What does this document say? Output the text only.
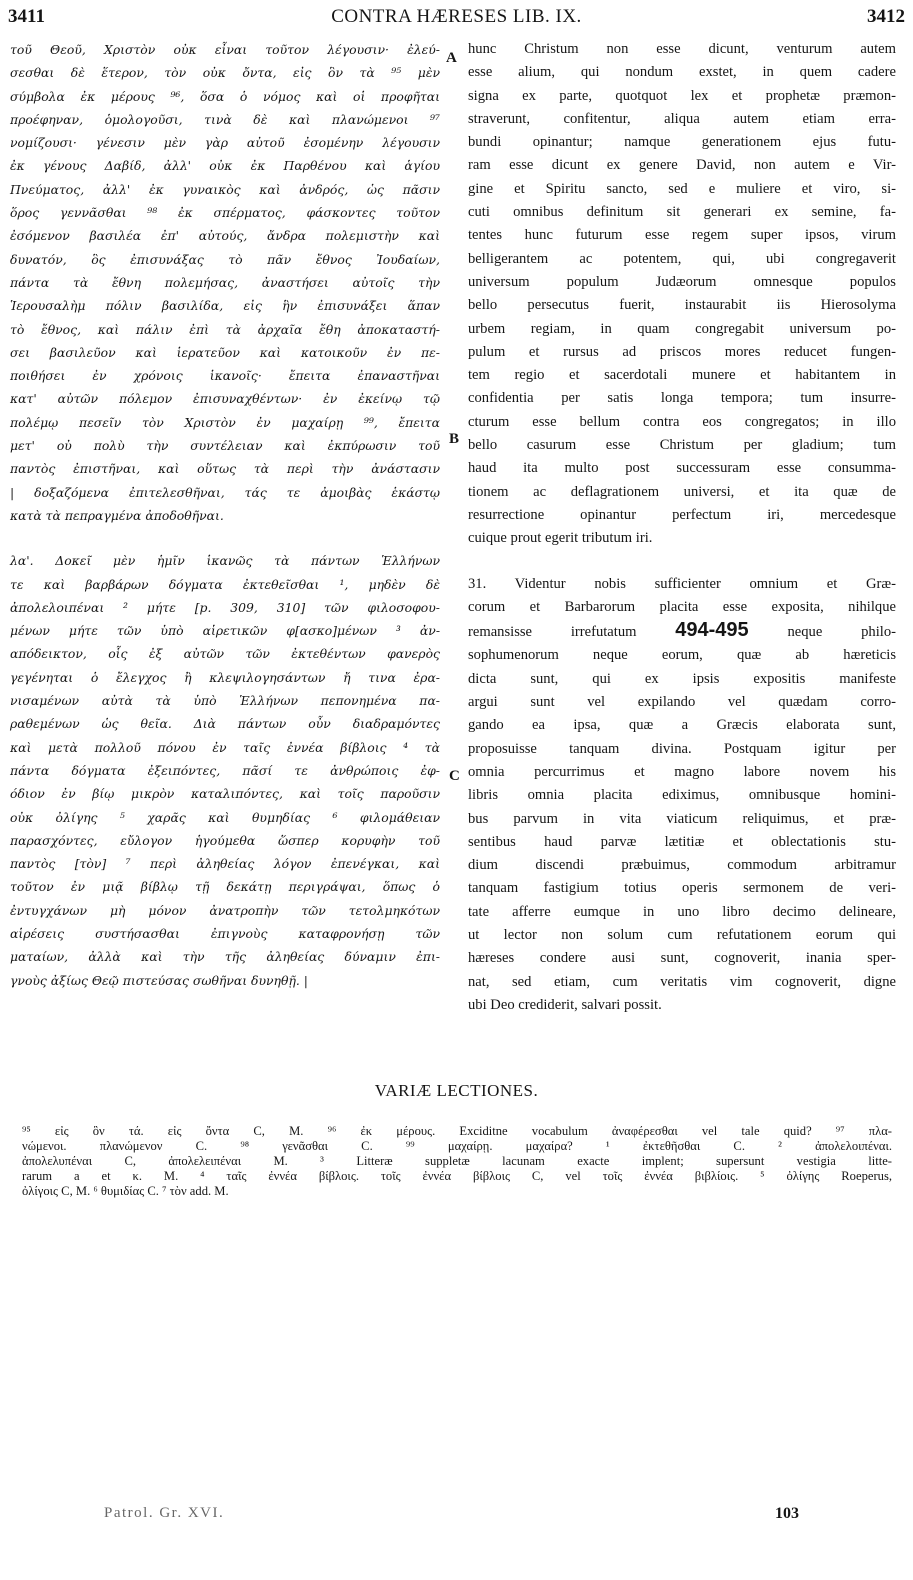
3411	CONTRA HÆRESES LIB. IX.	3412

τοῦ Θεοῦ, Χριστὸν οὐκ εἶναι τοῦτον λέγουσιν· ἐλεύ-

σεσθαι δὲ ἕτερον, τὸν οὐκ ὄντα, εἰς ὃν τὰ ⁹⁵ μὲν

σύμβολα ἐκ μέρους ⁹⁶, ὅσα ὁ νόμος καὶ οἱ προφῆται

προέφηναν, ὁμολογοῦσι, τινὰ δὲ καὶ πλανώμενοι ⁹⁷

νομίζουσι· γένεσιν μὲν γὰρ αὐτοῦ ἐσομένην λέγουσιν

ἐκ γένους Δαβίδ, ἀλλ' οὐκ ἐκ Παρθένου καὶ ἁγίου

Πνεύματος, ἀλλ' ἐκ γυναικὸς καὶ ἀνδρός, ὡς πᾶσιν

ὅρος γεννᾶσθαι ⁹⁸ ἐκ σπέρματος, φάσκοντες τοῦτον

ἐσόμενον βασιλέα ἐπ' αὐτούς, ἄνδρα πολεμιστὴν καὶ

δυνατόν, ὃς ἐπισυνάξας τὸ πᾶν ἔθνος Ἰουδαίων,

πάντα τὰ ἔθνη πολεμήσας, ἀναστήσει αὐτοῖς τὴν

Ἱερουσαλὴμ πόλιν βασιλίδα, εἰς ἣν ἐπισυνάξει ἅπαν

τὸ ἔθνος, καὶ πάλιν ἐπὶ τὰ ἀρχαῖα ἔθη ἀποκαταστή-

σει βασιλεῦον καὶ ἱερατεῦον καὶ κατοικοῦν ἐν πε-

ποιθήσει ἐν χρόνοις ἱκανοῖς· ἔπειτα ἐπαναστῆναι

κατ' αὐτῶν πόλεμον ἐπισυναχθέντων· ἐν ἐκείνῳ τῷ

πολέμῳ πεσεῖν τὸν Χριστὸν ἐν μαχαίρῃ ⁹⁹, ἔπειτα

μετ' οὐ πολὺ τὴν συντέλειαν καὶ ἐκπύρωσιν τοῦ

παντὸς ἐπιστῆναι, καὶ οὕτως τὰ περὶ τὴν ἀνάστασιν

| δοξαζόμενα ἐπιτελεσθῆναι, τάς τε ἀμοιβὰς ἑκάστῳ

κατὰ τὰ πεπραγμένα ἀποδοθῆναι.

λα'. Δοκεῖ μὲν ἡμῖν ἱκανῶς τὰ πάντων Ἑλλήνων

τε καὶ βαρβάρων δόγματα ἐκτεθεῖσθαι ¹, μηδὲν δὲ

ἀπολελοιπέναι ² μήτε [p. 309, 310] τῶν φιλοσοφου-

μένων μήτε τῶν ὑπὸ αἱρετικῶν φ[ασκο]μένων ³ ἀν-

απόδεικτον, οἷς ἐξ αὐτῶν τῶν ἐκτεθέντων φανερὸς

γεγένηται ὁ ἔλεγχος ἢ κλεψιλογησάντων ἤ τινα ἐρα-

νισαμένων αὐτὰ τὰ ὑπὸ Ἑλλήνων πεπονημένα πα-

ραθεμένων ὡς θεῖα. Διὰ πάντων οὖν διαδραμόντες

καὶ μετὰ πολλοῦ πόνου ἐν ταῖς ἐννέα βίβλοις ⁴ τὰ

πάντα δόγματα ἐξειπόντες, πᾶσί τε ἀνθρώποις ἐφ-

όδιον ἐν βίῳ μικρὸν καταλιπόντες, καὶ τοῖς παροῦσιν

οὐκ ὀλίγης ⁵ χαρᾶς καὶ θυμηδίας ⁶ φιλομάθειαν

παρασχόντες, εὔλογον ἡγούμεθα ὥσπερ κορυφὴν τοῦ

παντὸς [τὸν] ⁷ περὶ ἀληθείας λόγον ἐπενέγκαι, καὶ

τοῦτον ἐν μιᾷ βίβλῳ τῇ δεκάτῃ περιγράψαι, ὅπως ὁ

ἐντυγχάνων μὴ μόνον ἀνατροπὴν τῶν τετολμηκότων

αἱρέσεις συστήσασθαι ἐπιγνοὺς καταφρονήσῃ τῶν

ματαίων, ἀλλὰ καὶ τὴν τῆς ἀληθείας δύναμιν ἐπι-

γνοὺς ἀξίως Θεῷ πιστεύσας σωθῆναι δυνηθῇ. |

A
B
C

hunc Christum non esse dicunt, venturum autem

esse alium, qui nondum exstet, in quem cadere

signa ex parte, quotquot lex et prophetæ præmon-

straverunt, confitentur, aliqua autem etiam erra-

bundi opinantur; namque generationem ejus futu-

ram esse dicunt ex genere David, non autem e Vir-

gine et Spiritu sancto, sed e muliere et viro, si-

cuti omnibus definitum sit generari ex semine, fa-

tentes hunc futurum esse regem super ipsos, virum

belligerantem ac potentem, qui, ubi congregaverit

universum populum Judæorum omnesque populos

bello persecutus fuerit, instaurabit iis Hierosolyma

urbem regiam, in quam congregabit universum po-

pulum et rursus ad priscos mores reducet fungen-

tem regio et sacerdotali munere et habitantem in

confidentia per satis longa tempora; tum insurre-

cturum esse bellum contra eos congregatos; in illo

bello casurum esse Christum per gladium; tum

haud ita multo post successuram esse consumma-

tionem ac deflagrationem universi, et ita quæ de

resurrectione opinantur perfectum iri, mercedesque

cuique prout egerit tributum iri.

31. Videntur nobis sufficienter omnium et Græ-

corum et Barbarorum placita esse exposita, nihilque

remansisse irrefutatum 494-495 neque philo-

sophumenorum neque eorum, quæ ab hæreticis

dicta sunt, qui ex ipsis expositis manifeste

argui sunt vel expilando vel quædam corro-

gando ea ipsa, quæ a Græcis elaborata sunt,

proposuisse tanquam divina. Postquam igitur per

omnia percurrimus et magno labore novem his

libris omnia placita ediximus, omnibusque homini-

bus parvum in vita viaticum reliquimus, et præ-

sentibus haud parvæ lætitiæ et oblectationis stu-

dium discendi præbuimus, commodum arbitramur

tanquam fastigium totius operis sermonem de veri-

tate afferre eumque in uno libro decimo delineare,

ut lector non solum cum refutationem eorum qui

hæreses condere ausi sunt, cognoverit, inania sper-

nat, sed etiam, cum veritatis vim cognoverit, digne

ubi Deo crediderit, salvari possit.

VARIÆ LECTIONES.

⁹⁵ εἰς ὃν τά. εἰς ὄντα C, M. ⁹⁶ ἐκ μέρους. Exciditne vocabulum ἀναφέρεσθαι vel tale quid? ⁹⁷ πλα-

νώμενοι. πλανώμενον C. ⁹⁸ γενᾶσθαι C. ⁹⁹ μαχαίρῃ. μαχαίρα? ¹ ἐκτεθῆσθαι C. ² ἀπολελοιπέναι.

ἀπολελυπέναι C, ἀπολελειπέναι M. ³ Litteræ suppletæ lacunam exacte implent; supersunt vestigia litte-

rarum a et κ. M. ⁴ ταῖς ἐννέα βίβλοις. τοῖς ἐννέα βίβλοις C, vel τοῖς ἐννέα βιβλίοις. ⁵ ὀλίγης Roeperus,

ὀλίγοις C, M. ⁶ θυμιδίας C. ⁷ τὸν add. M.

Patrol. Gr. XVI.	103
